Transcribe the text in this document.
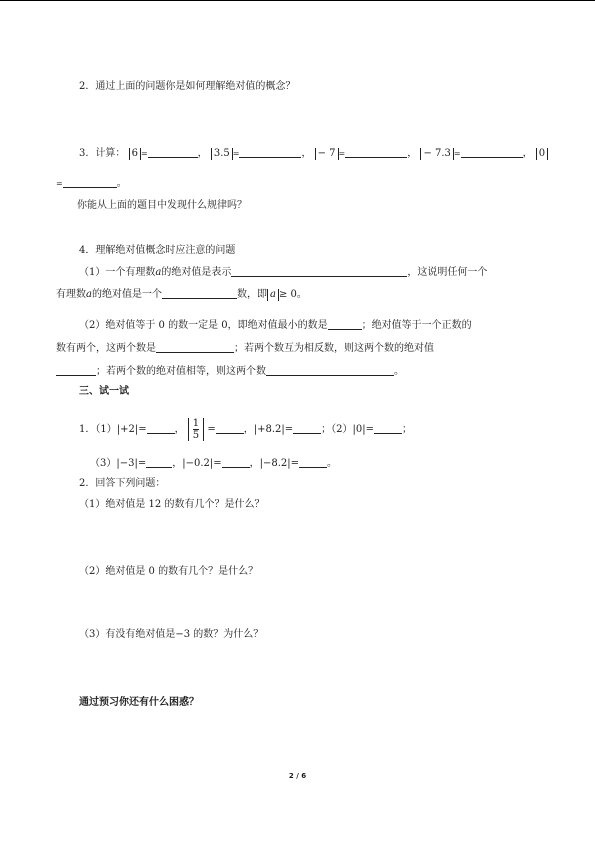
2．通过上面的问题你是如何理解绝对值的概念？
3．计算： 6 =	， 3.5 =	， − 7 =	， − 7.3 =	， 0
=	。
你能从上面的题目中发现什么规律吗？
4．理解绝对值概念时应注意的问题
（1）一个有理数a的绝对值是表示	，这说明任何一个
有理数a的绝对值是一个	数，即 a ≥ 0。
（2）绝对值等于 0 的数一定是 0，即绝对值最小的数是	；绝对值等于一个正数的
数有两个，这两个数是	；若两个数互为相反数，则这两个数的绝对值
；若两个数的绝对值相等，则这两个数	。
三、试一试
1．（1）|+2|=	， $\frac{1}{5}$ =	，|+8.2|=	；（2）|0|=	；
（3）|−3|=	，|−0.2|=	，|−8.2|=	。
2．回答下列问题：
（1）绝对值是 12 的数有几个？是什么？
（2）绝对值是 0 的数有几个？是什么？
（3）有没有绝对值是−3 的数？为什么？
通过预习你还有什么困惑？
2 / 6
